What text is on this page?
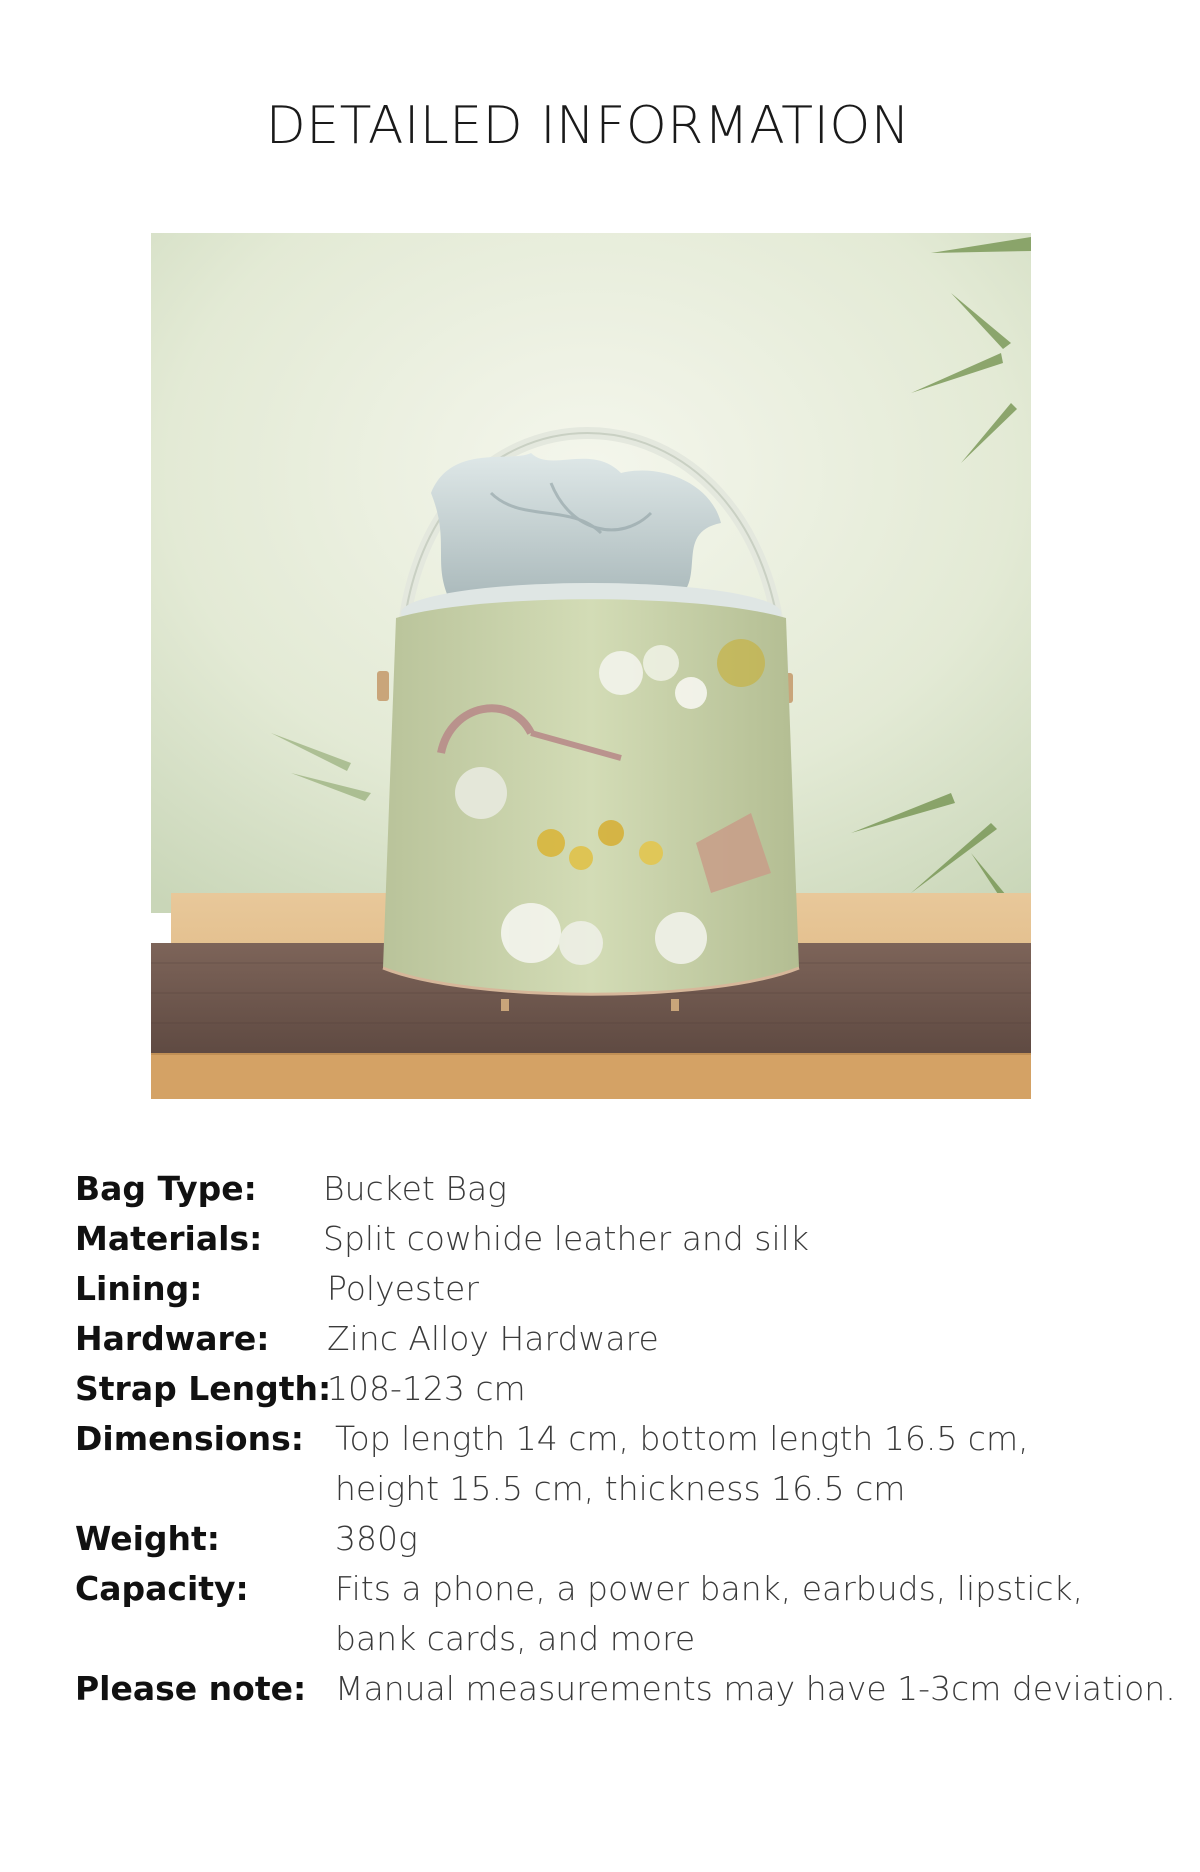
DETAILED INFORMATION
Bag Type: Bucket Bag
Materials: Split cowhide leather and silk
Lining:	Polyester
Hardware: Zinc Alloy Hardware
Strap Length:
108-123 cm
Dimensions: Top length 14 cm, bottom length 16.5 cm,
height 15.5 cm, thickness 16.5 cm
Weight:	380g
Capacity:	Fits a phone, a power bank, earbuds, lipstick,
bank cards, and more
Please note: Manual measurements may have 1-3cm deviation.
